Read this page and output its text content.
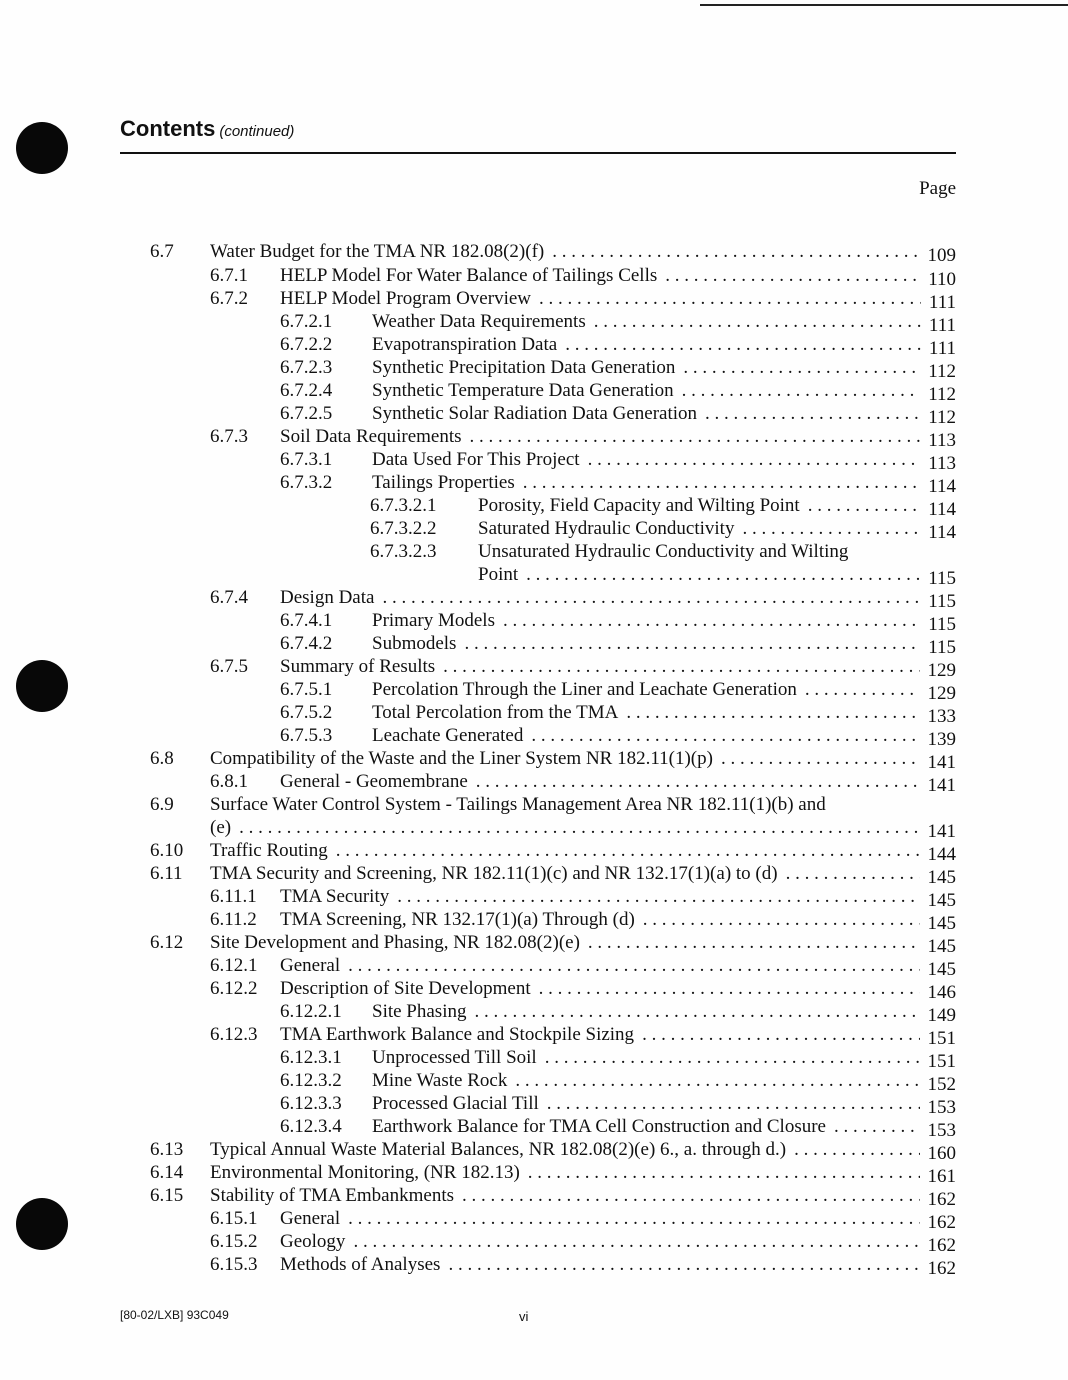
Contents (continued)
Page
6.7 Water Budget for the TMA NR 182.08(2)(f)	109
. . .
6.7.1 HELP Model For Water Balance of Tailings Cells	110
. . .
6.7.2 HELP Model Program Overview	111
. . .
6.7.2.1 Weather Data Requirements	111
. . .
6.7.2.2 Evapotranspiration Data	111
. . .
6.7.2.3 Synthetic Precipitation Data Generation	112
. . .
6.7.2.4 Synthetic Temperature Data Generation	112
. . .
6.7.2.5 Synthetic Solar Radiation Data Generation	112
. . .
6.7.3 Soil Data Requirements	113
. . .
6.7.3.1 Data Used For This Project	113
. . .
6.7.3.2 Tailings Properties	114
. . .
6.7.3.2.1 Porosity, Field Capacity and Wilting Point	114
. . .
6.7.3.2.2 Saturated Hydraulic Conductivity	114
. . .
6.7.3.2.3 Unsaturated Hydraulic Conductivity and Wilting
Point	115
. . .
6.7.4 Design Data	115
. . .
6.7.4.1 Primary Models	115
. . .
6.7.4.2 Submodels	115
. . .
6.7.5 Summary of Results	129
. . .
6.7.5.1 Percolation Through the Liner and Leachate Generation	129
. . .
6.7.5.2 Total Percolation from the TMA	133
. . .
6.7.5.3 Leachate Generated	139
. . .
6.8 Compatibility of the Waste and the Liner System NR 182.11(1)(p)	141
. . .
6.8.1 General - Geomembrane	141
. . .
6.9 Surface Water Control System - Tailings Management Area NR 182.11(1)(b) and
(e)	141
. . .
6.10 Traffic Routing	144
. . .
6.11 TMA Security and Screening, NR 182.11(1)(c) and NR 132.17(1)(a) to (d)	145
. . .
6.11.1 TMA Security	145
. . .
6.11.2 TMA Screening, NR 132.17(1)(a) Through (d)	145
. . .
6.12 Site Development and Phasing, NR 182.08(2)(e)	145
. . .
6.12.1 General	145
. . .
6.12.2 Description of Site Development	146
. . .
6.12.2.1 Site Phasing	149
. . .
6.12.3 TMA Earthwork Balance and Stockpile Sizing	151
. . .
6.12.3.1 Unprocessed Till Soil	151
. . .
6.12.3.2 Mine Waste Rock	152
. . .
6.12.3.3 Processed Glacial Till	153
. . .
6.12.3.4 Earthwork Balance for TMA Cell Construction and Closure	153
. . .
6.13 Typical Annual Waste Material Balances, NR 182.08(2)(e) 6., a. through d.)	160
. . .
6.14 Environmental Monitoring, (NR 182.13)	161
. . .
6.15 Stability of TMA Embankments	162
. . .
6.15.1 General	162
. . .
6.15.2 Geology	162
. . .
6.15.3 Methods of Analyses	162
. . .
[80-02/LXB] 93C049	vi
